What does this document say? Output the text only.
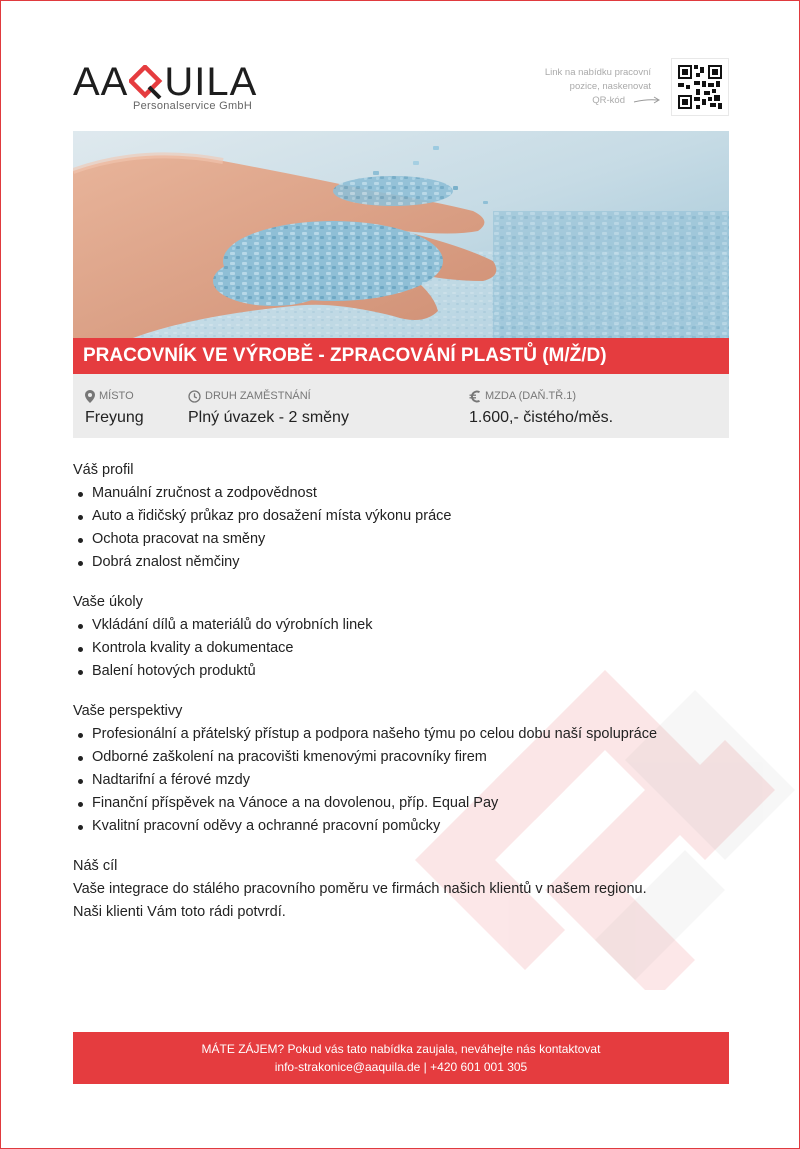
AA UILA
Personalservice GmbH
Link na nabídku pracovní
pozice, naskenovat
QR-kód
PRACOVNÍK VE VÝROBĚ - ZPRACOVÁNÍ PLASTŮ (M/Ž/D)
MÍSTO
Freyung
DRUH ZAMĚSTNÁNÍ
Plný úvazek - 2 směny
MZDA (DAŇ.TŘ.1)
1.600,- čistého/měs.
Váš profil
Manuální zručnost a zodpovědnost
Auto a řidičský průkaz pro dosažení místa výkonu práce
Ochota pracovat na směny
Dobrá znalost němčiny
Vaše úkoly
Vkládání dílů a materiálů do výrobních linek
Kontrola kvality a dokumentace
Balení hotových produktů
Vaše perspektivy
Profesionální a přátelský přístup a podpora našeho týmu po celou dobu naší spolupráce
Odborné zaškolení na pracovišti kmenovými pracovníky firem
Nadtarifní a férové mzdy
Finanční příspěvek na Vánoce a na dovolenou, příp. Equal Pay
Kvalitní pracovní oděvy a ochranné pracovní pomůcky
Náš cíl
Vaše integrace do stálého pracovního poměru ve firmách našich klientů v našem regionu.
Naši klienti Vám toto rádi potvrdí.
MÁTE ZÁJEM? Pokud vás tato nabídka zaujala, neváhejte nás kontaktovat
info-strakonice@aaquila.de | +420 601 001 305
